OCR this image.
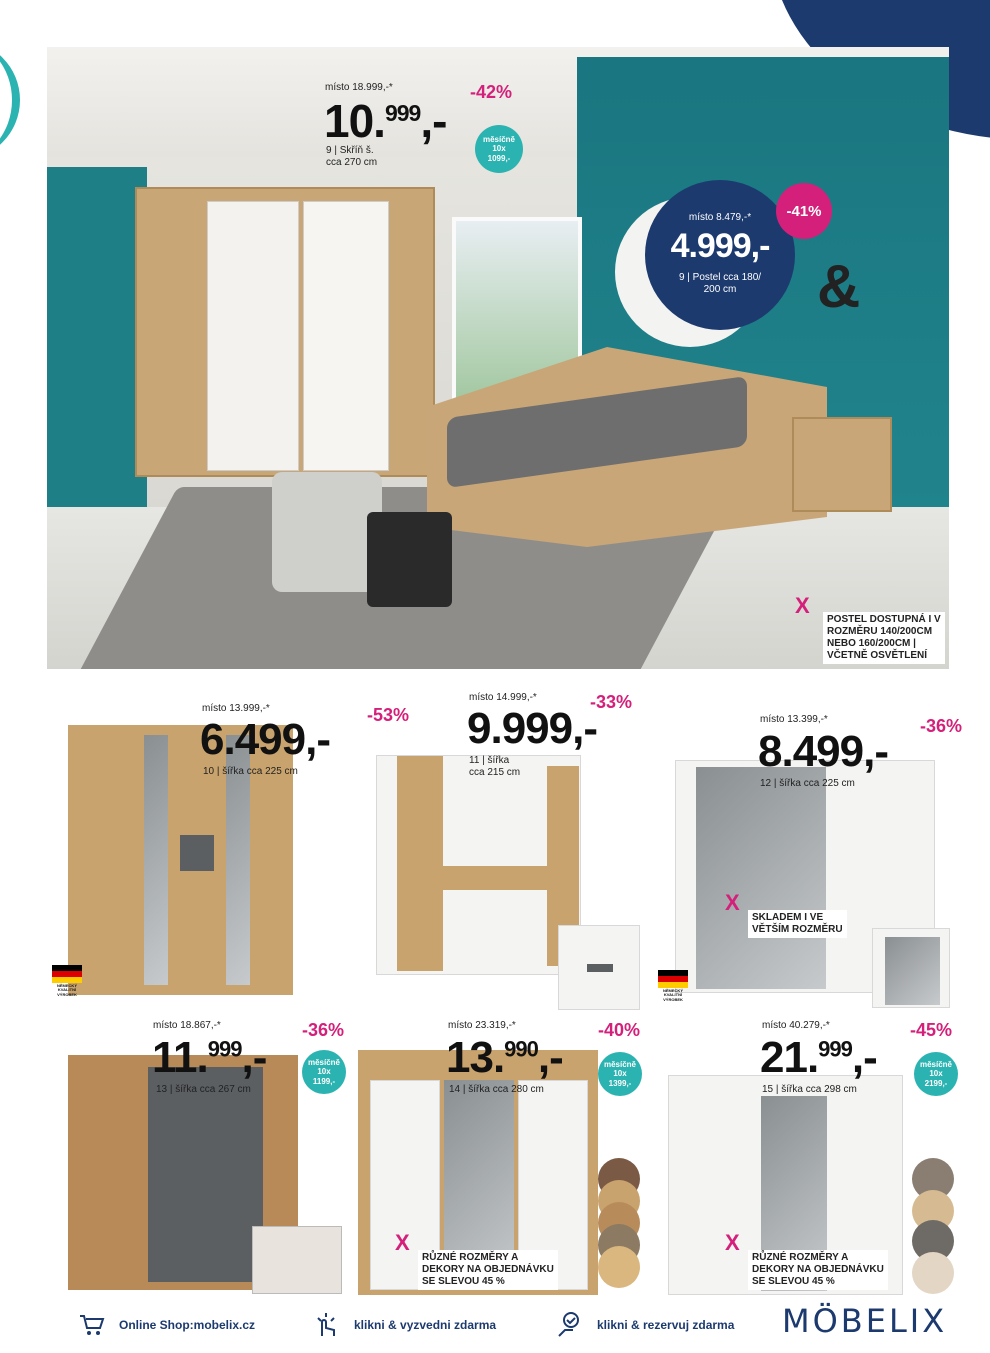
&
místo 18.999,-*
10.$^{999}$,-
-42%
9 | Skříň š.
cca 270 cm
měsíčně
10x
1099,-
místo 8.479,-*
4.999,-
9 | Postel cca 180/
200 cm
-41%
X
POSTEL DOSTUPNÁ I V
ROZMĚRU 140/200CM
NEBO 160/200CM |
VČETNĚ OSVĚTLENÍ
NĚMECKÝ
KVALITNÍ
VÝROBEK
místo 13.999,-*
6.499,- -53%
10 | šířka cca 225 cm
místo 14.999,-*
9.999,-
-33%
11 | šířka
cca 215 cm
NĚMECKÝ
KVALITNÍ
VÝROBEK
místo 13.399,-*
8.499,-
-36%
12 | šířka cca 225 cm
X
SKLADEM I VE
VĚTŠÍM ROZMĚRU
místo 18.867,-*
11.$^{999}$,-
-36%
13 | šířka cca 267 cm
měsíčně
10x
1199,-
místo 23.319,-*
13.$^{990}$,-
-40%
14 | šířka cca 280 cm
měsíčně
10x
1399,-
X
RŮZNÉ ROZMĚRY A
DEKORY NA OBJEDNÁVKU
SE SLEVOU 45 %
místo 40.279,-*
21.$^{999}$,-
-45%
15 | šířka cca 298 cm
měsíčně
10x
2199,-
X
RŮZNÉ ROZMĚRY A
DEKORY NA OBJEDNÁVKU
SE SLEVOU 45 %
Online Shop: mobelix.cz	klikni & vyzvedni zdarma	klikni & rezervuj zdarma MÖBELIX
